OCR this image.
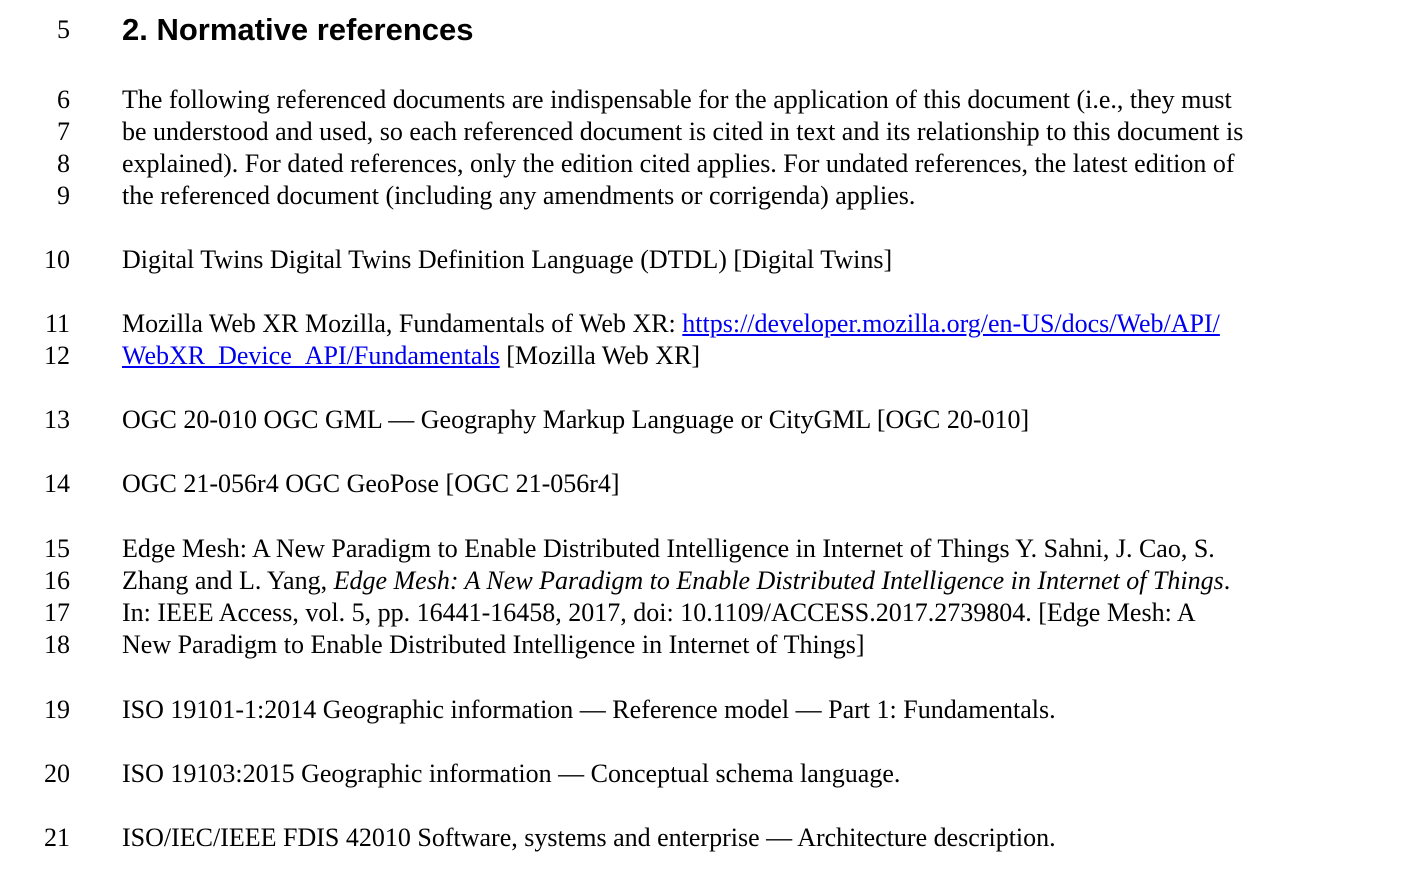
5 2. Normative references
6 The following referenced documents are indispensable for the application of this document (i.e., they must
7 be understood and used, so each referenced document is cited in text and its relationship to this document is
8 explained). For dated references, only the edition cited applies. For undated references, the latest edition of
9 the referenced document (including any amendments or corrigenda) applies.
10 Digital Twins Digital Twins Definition Language (DTDL) [Digital Twins]
11 Mozilla Web XR Mozilla, Fundamentals of Web XR: https://developer.mozilla.org/en-US/docs/Web/API/
12 WebXR_Device_API/Fundamentals [Mozilla Web XR]
13 OGC 20-010 OGC GML — Geography Markup Language or CityGML [OGC 20-010]
14 OGC 21-056r4 OGC GeoPose [OGC 21-056r4]
15 Edge Mesh: A New Paradigm to Enable Distributed Intelligence in Internet of Things Y. Sahni, J. Cao, S.
16 Zhang and L. Yang, Edge Mesh: A New Paradigm to Enable Distributed Intelligence in Internet of Things.
17 In: IEEE Access, vol. 5, pp. 16441-16458, 2017, doi: 10.1109/ACCESS.2017.2739804. [Edge Mesh: A
18 New Paradigm to Enable Distributed Intelligence in Internet of Things]
19 ISO 19101-1:2014 Geographic information — Reference model — Part 1: Fundamentals.
20 ISO 19103:2015 Geographic information — Conceptual schema language.
21 ISO/IEC/IEEE FDIS 42010 Software, systems and enterprise — Architecture description.
